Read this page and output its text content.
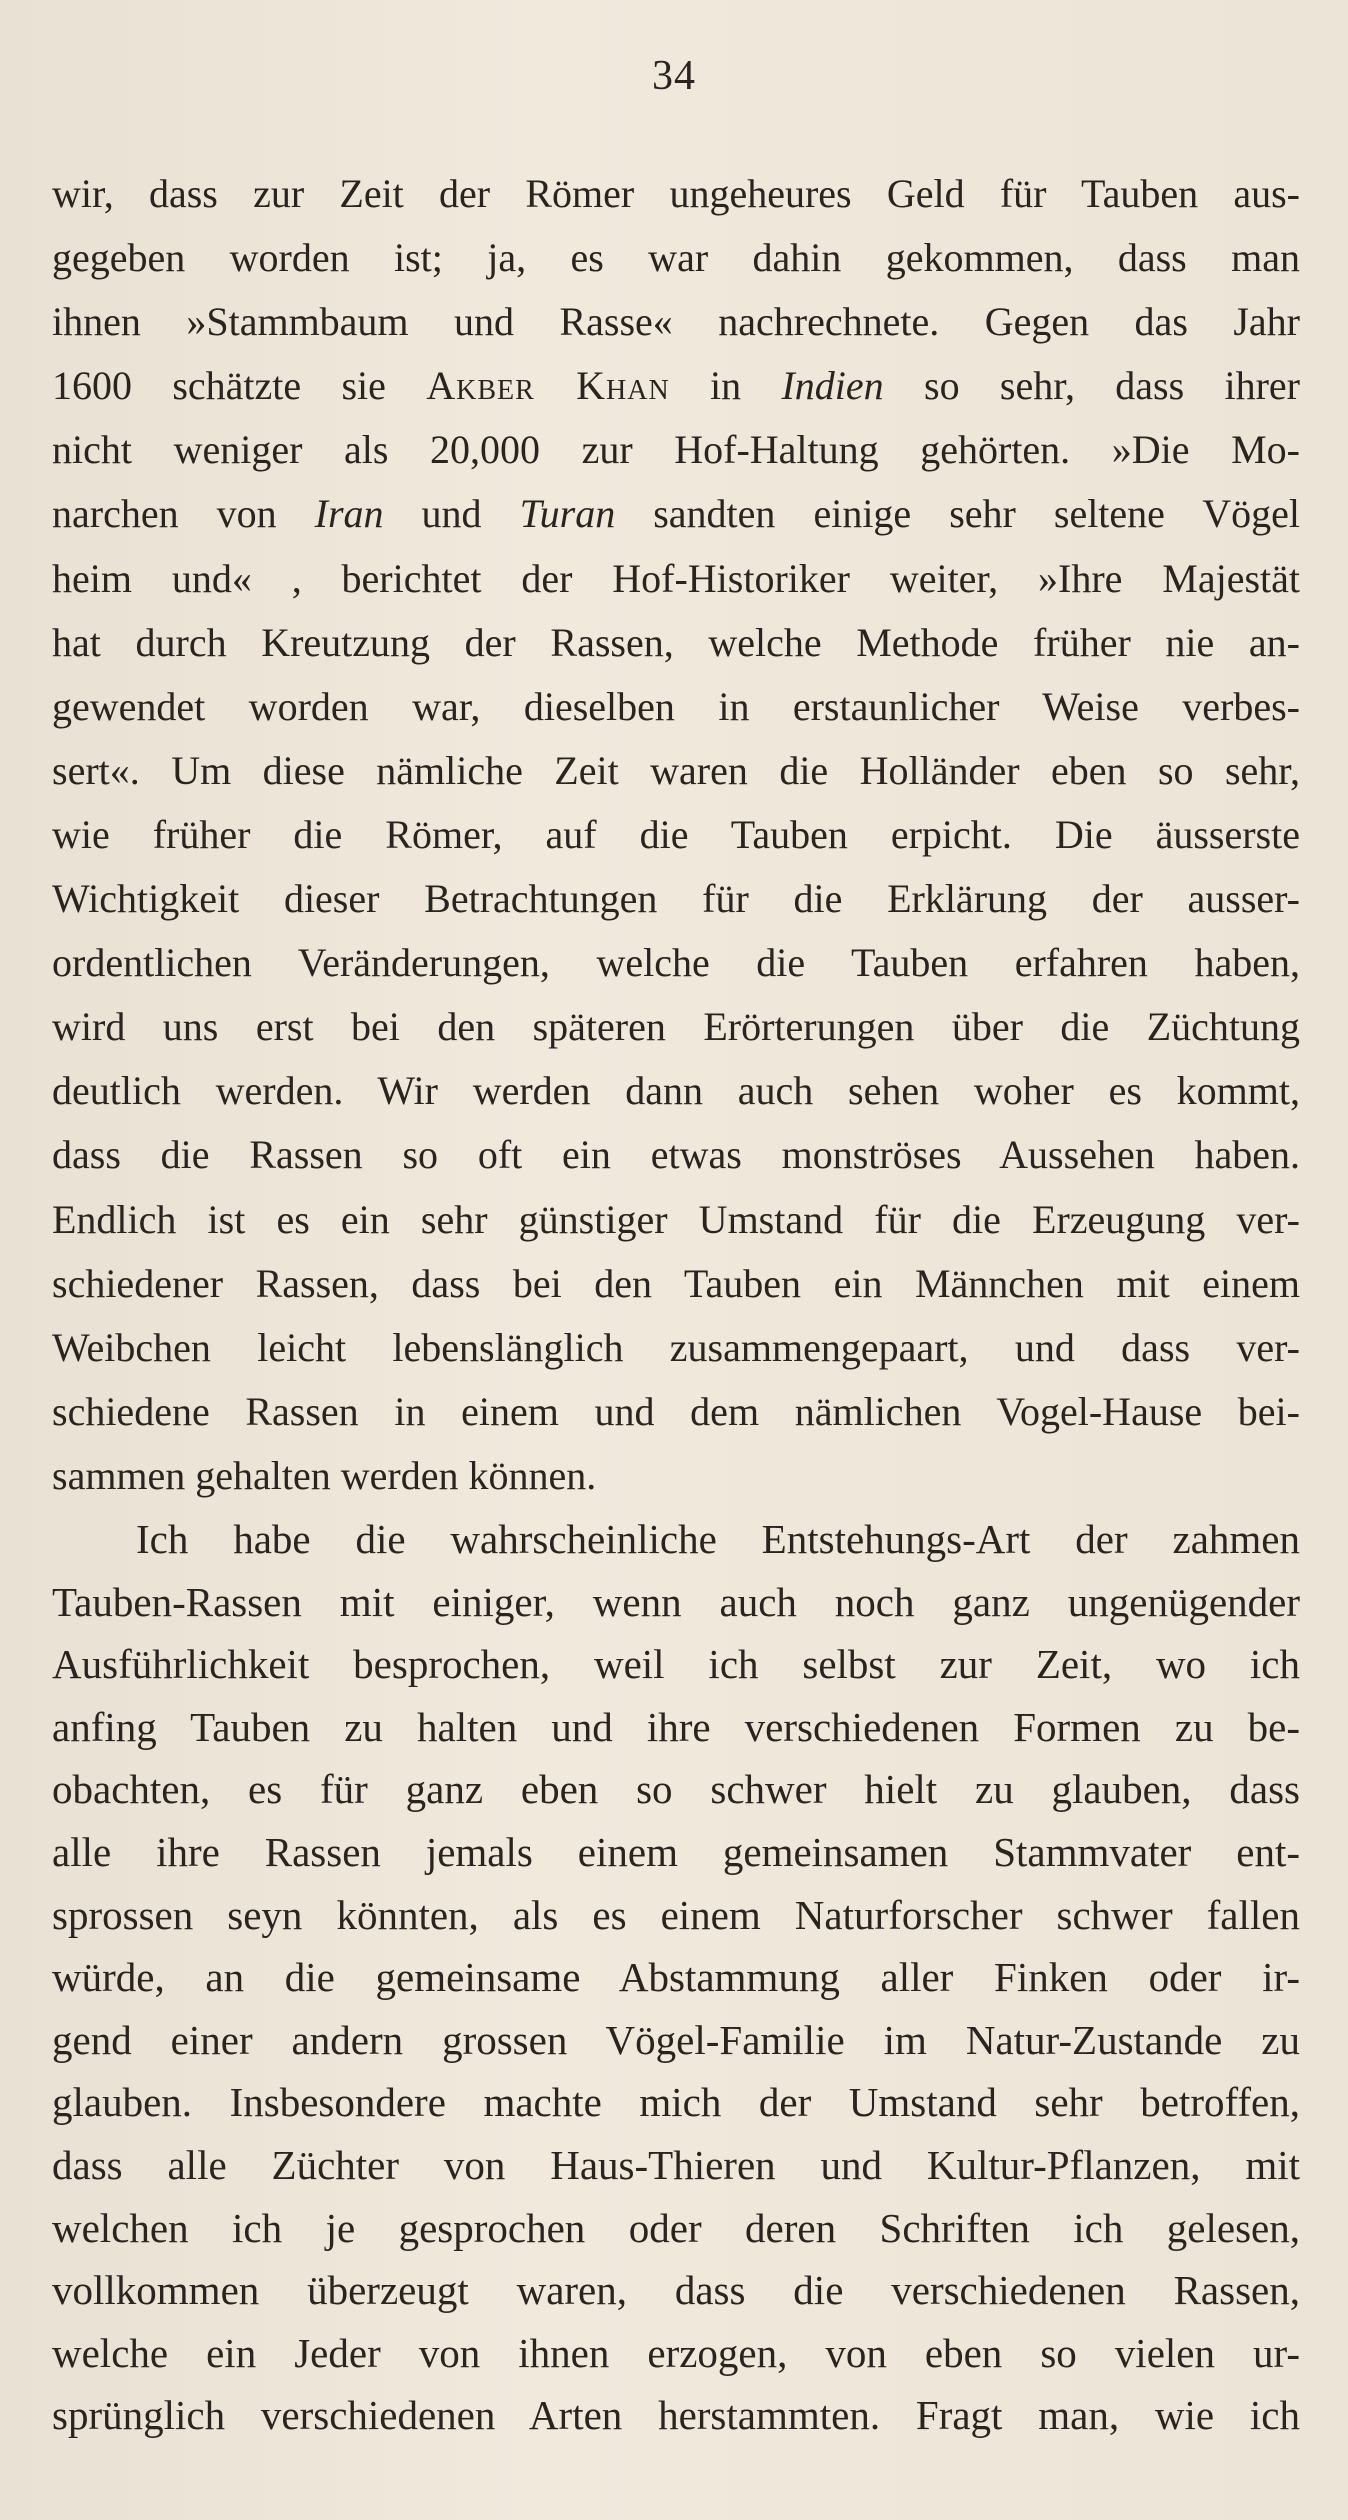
34
wir, dass zur Zeit der Römer ungeheures Geld für Tauben aus-
gegeben worden ist; ja, es war dahin gekommen, dass man
ihnen »Stammbaum und Rasse« nachrechnete. Gegen das Jahr
1600 schätzte sie Akber Khan in Indien so sehr, dass ihrer
nicht weniger als 20,000 zur Hof-Haltung gehörten. »Die Mo-
narchen von Iran und Turan sandten einige sehr seltene Vögel
heim und« , berichtet der Hof-Historiker weiter, »Ihre Majestät
hat durch Kreutzung der Rassen, welche Methode früher nie an-
gewendet worden war, dieselben in erstaunlicher Weise verbes-
sert«. Um diese nämliche Zeit waren die Holländer eben so sehr,
wie früher die Römer, auf die Tauben erpicht. Die äusserste
Wichtigkeit dieser Betrachtungen für die Erklärung der ausser-
ordentlichen Veränderungen, welche die Tauben erfahren haben,
wird uns erst bei den späteren Erörterungen über die Züchtung
deutlich werden. Wir werden dann auch sehen woher es kommt,
dass die Rassen so oft ein etwas monströses Aussehen haben.
Endlich ist es ein sehr günstiger Umstand für die Erzeugung ver-
schiedener Rassen, dass bei den Tauben ein Männchen mit einem
Weibchen leicht lebenslänglich zusammengepaart, und dass ver-
schiedene Rassen in einem und dem nämlichen Vogel-Hause bei-
sammen gehalten werden können.
Ich habe die wahrscheinliche Entstehungs-Art der zahmen
Tauben-Rassen mit einiger, wenn auch noch ganz ungenügender
Ausführlichkeit besprochen, weil ich selbst zur Zeit, wo ich
anfing Tauben zu halten und ihre verschiedenen Formen zu be-
obachten, es für ganz eben so schwer hielt zu glauben, dass
alle ihre Rassen jemals einem gemeinsamen Stammvater ent-
sprossen seyn könnten, als es einem Naturforscher schwer fallen
würde, an die gemeinsame Abstammung aller Finken oder ir-
gend einer andern grossen Vögel-Familie im Natur-Zustande zu
glauben. Insbesondere machte mich der Umstand sehr betroffen,
dass alle Züchter von Haus-Thieren und Kultur-Pflanzen, mit
welchen ich je gesprochen oder deren Schriften ich gelesen,
vollkommen überzeugt waren, dass die verschiedenen Rassen,
welche ein Jeder von ihnen erzogen, von eben so vielen ur-
sprünglich verschiedenen Arten herstammten. Fragt man, wie ich
